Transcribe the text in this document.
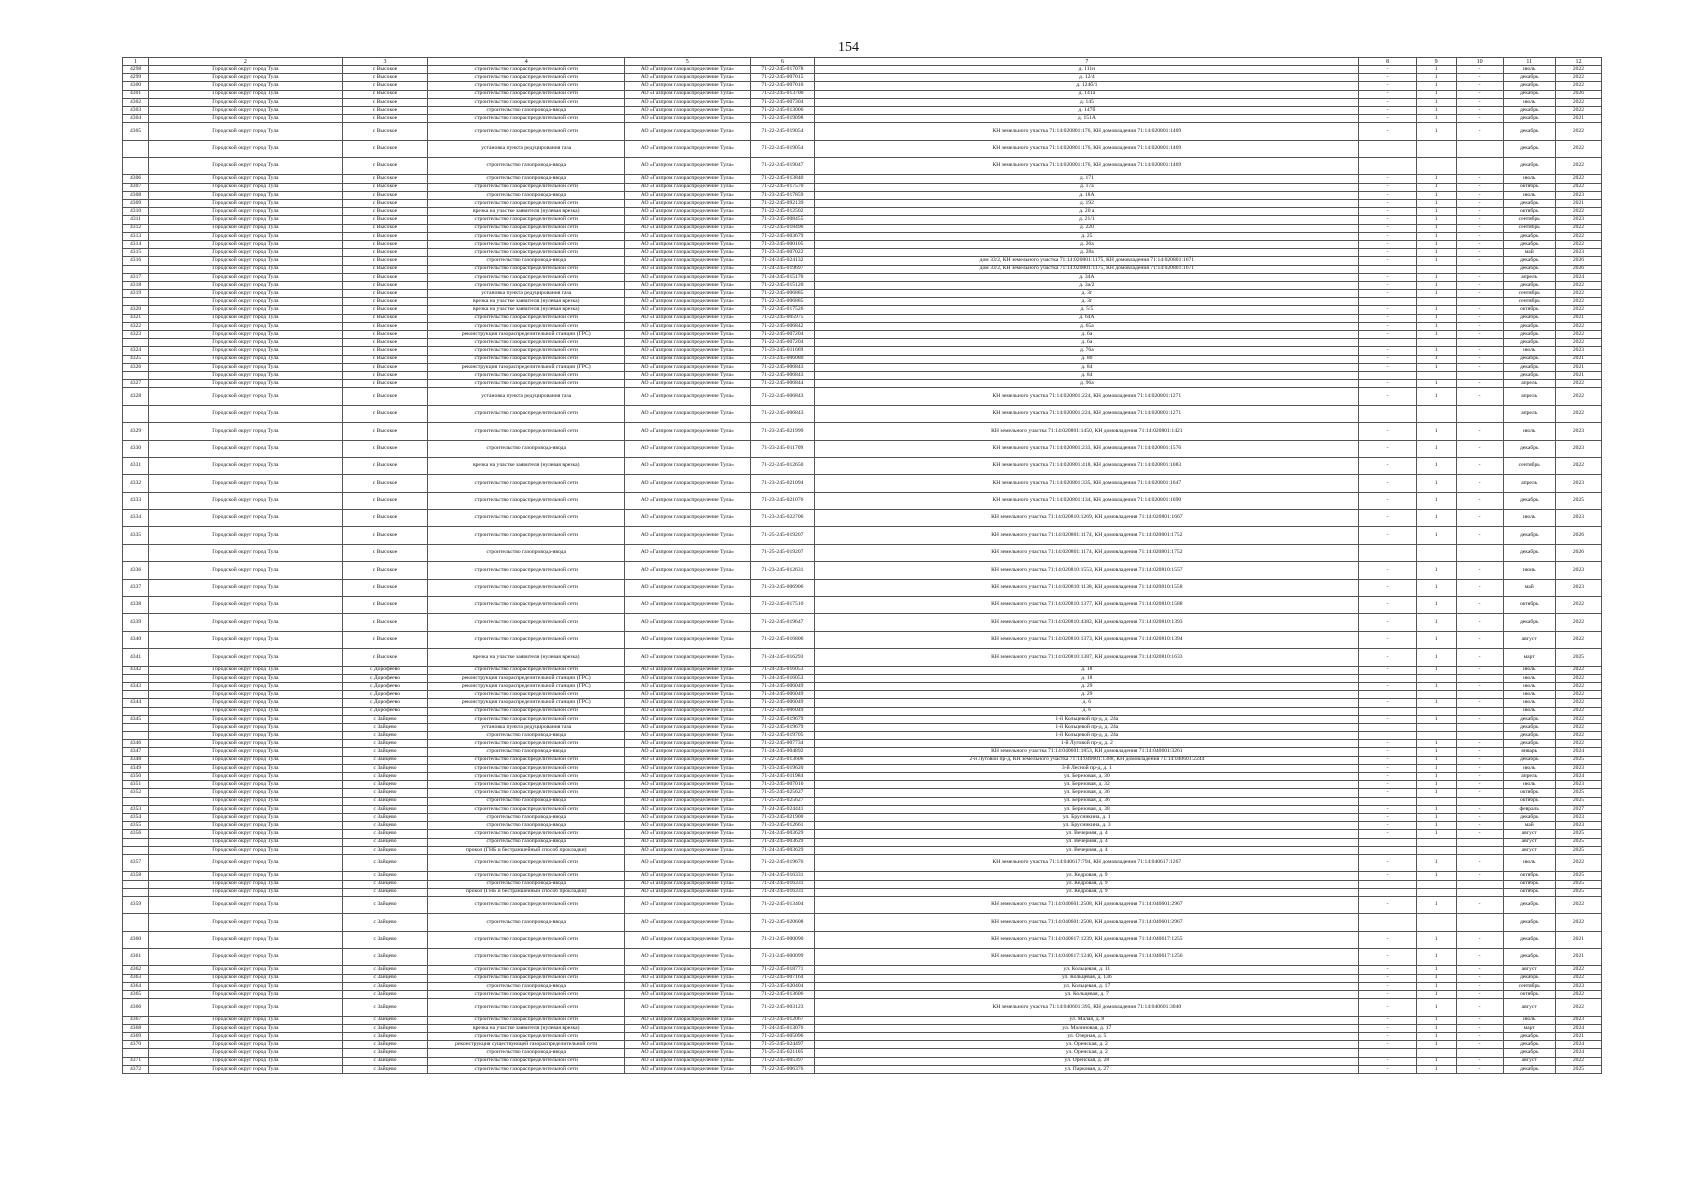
154
1	2	3	4	5	6	7	8	9	10	11	12
4298	Городской округ город Тула	с Высокое	строительство газораспределительной сети	АО «Газпром газораспределение Тула»	71-22-245-017078	д. 111н	-	1	-	июль	2022
4299	Городской округ город Тула	с Высокое	строительство газораспределительной сети	АО «Газпром газораспределение Тула»	71-22-245-007015	д. 12/4	-	1	-	декабрь	2022
4300	Городской округ город Тула	с Высокое	строительство газораспределительной сети	АО «Газпром газораспределение Тула»	71-22-245-007016	д. 124б/1	-	1	-	декабрь	2022
4301	Городской округ город Тула	с Высокое	строительство газораспределительной сети	АО «Газпром газораспределение Тула»	71-23-245-013700	д. 141а	-	1	-	декабрь	2026
4302	Городской округ город Тула	с Высокое	строительство газораспределительной сети	АО «Газпром газораспределение Тула»	71-22-245-007304	д. 145	-	1	-	июль	2022
4303	Городской округ город Тула	с Высокое	строительство газопровода-ввода	АО «Газпром газораспределение Тула»	71-22-245-013006	д. 147б	-	1	-	декабрь	2022
4304	Городской округ город Тула	с Высокое	строительство газораспределительной сети	АО «Газпром газораспределение Тула»	71-22-245-019098	д. 151А	-	1	-	декабрь	2021
4305	Городской округ город Тула	с Высокое	строительство газораспределительной сети	АО «Газпром газораспределение Тула»	71-22-245-019054	КН земельного участка 71:14:020801:176, КН домовладения 71:14:020801:1469	-	1	-	декабрь	2022
	Городской округ город Тула	с Высокое	установка пункта редуцирования газа	АО «Газпром газораспределение Тула»	71-22-245-019054	КН земельного участка 71:14:020801:176, КН домовладения 71:14:020801:1469				декабрь	2022
	Городской округ город Тула	с Высокое	строительство газопровода-ввода	АО «Газпром газораспределение Тула»	71-22-245-019047	КН земельного участка 71:14:020801:176, КН домовладения 71:14:020801:1469				декабрь	2022
4306	Городской округ город Тула	с Высокое	строительство газопровода-ввода	АО «Газпром газораспределение Тула»	71-22-245-013840	д. 171	-	1	-	июль	2022
4307	Городской округ город Тула	с Высокое	строительство газораспределительной сети	АО «Газпром газораспределение Тула»	71-22-245-017570	д. 17а	-	1	-	октябрь	2022
4308	Городской округ город Тула	с Высокое	строительство газопровода-ввода	АО «Газпром газораспределение Тула»	71-23-245-017859	д. 18А	-	1	-	июль	2023
4309	Городской округ город Тула	с Высокое	строительство газораспределительной сети	АО «Газпром газораспределение Тула»	71-22-245-092139	д. 192	-	1	-	декабрь	2021
4310	Городской округ город Тула	с Высокое	врезка на участке заявителя (нулевая врезка)	АО «Газпром газораспределение Тула»	71-22-245-012502	д. 20 а	-	1	-	октябрь	2022
4311	Городской округ город Тула	с Высокое	строительство газораспределительной сети	АО «Газпром газораспределение Тула»	71-23-245-008455	д. 21/1	-	1	-	сентябрь	2023
4312	Городской округ город Тула	с Высокое	строительство газораспределительной сети	АО «Газпром газораспределение Тула»	71-22-245-018490	д. 220	-	1	-	сентябрь	2022
4313	Городской округ город Тула	с Высокое	строительство газораспределительной сети	АО «Газпром газораспределение Тула»	71-22-245-003679	д. 25	-	1	-	декабрь	2022
4314	Городской округ город Тула	с Высокое	строительство газораспределительной сети	АО «Газпром газораспределение Тула»	71-23-245-000105	д. 26а	-	1	-	декабрь	2022
4315	Городской округ город Тула	с Высокое	строительство газораспределительной сети	АО «Газпром газораспределение Тула»	71-23-245-007022	д. 28а	-	1	-	май	2023
4316	Городской округ город Тула	с Высокое	строительство газопровода-ввода	АО «Газпром газораспределение Тула»	71-24-245-024132	дом 33/2, КН земельного участка 71:14:020801:1175, КН домовладения 71:14:020801:1671	-	1	-	декабрь	2026
	Городской округ город Тула	с Высокое	строительство газораспределительной сети	АО «Газпром газораспределение Тула»	71-24-245-019697	дом 33/2, КН земельного участка 71:14:020801:1175, КН домовладения 71:14:020801:1671				декабрь	2026
4317	Городской округ город Тула	с Высокое	строительство газораспределительной сети	АО «Газпром газораспределение Тула»	71-24-245-015170	д. 34А	-	1	-	апрель	2024
4318	Городской округ город Тула	с Высокое	строительство газораспределительной сети	АО «Газпром газораспределение Тула»	71-22-245-015120	д. 3а/2	-	1	-	декабрь	2022
4319	Городской округ город Тула	с Высокое	установка пункта редуцирования газа	АО «Газпром газораспределение Тула»	71-22-245-006885	д. 3г	-	1	-	сентябрь	2022
	Городской округ город Тула	с Высокое	врезка на участке заявителя (нулевая врезка)	АО «Газпром газораспределение Тула»	71-22-245-006885	д. 3г				сентябрь	2022
4320	Городской округ город Тула	с Высокое	врезка на участке заявителя (нулевая врезка)	АО «Газпром газораспределение Тула»	71-22-245-017526	д. 5/5	-	1	-	октябрь	2022
4321	Городской округ город Тула	с Высокое	строительство газораспределительной сети	АО «Газпром газораспределение Тула»	71-22-245-005975	д. 64А	-	1	-	декабрь	2021
4322	Городской округ город Тула	с Высокое	строительство газораспределительной сети	АО «Газпром газораспределение Тула»	71-22-245-006842	д. 65а	-	1	-	декабрь	2022
4323	Городской округ город Тула	с Высокое	реконструкция газораспределительной станции (ГРС)	АО «Газпром газораспределение Тула»	71-22-245-007204	д. 6а	-	1	-	декабрь	2022
	Городской округ город Тула	с Высокое	строительство газораспределительной сети	АО «Газпром газораспределение Тула»	71-22-245-007204	д. 6а				декабрь	2022
4324	Городской округ город Тула	с Высокое	строительство газораспределительной сети	АО «Газпром газораспределение Тула»	71-23-245-011669	д. 76а	-	1	-	июль	2023
4325	Городской округ город Тула	с Высокое	строительство газораспределительной сети	АО «Газпром газораспределение Тула»	71-23-245-006080	д. 80	-	1	-	декабрь	2021
4326	Городской округ город Тула	с Высокое	реконструкция газораспределительной станции (ГРС)	АО «Газпром газораспределение Тула»	71-22-245-006843	д. 84	-	1	-	декабрь	2021
	Городской округ город Тула	с Высокое	строительство газораспределительной сети	АО «Газпром газораспределение Тула»	71-22-245-006843	д. 84				декабрь	2021
4327	Городской округ город Тула	с Высокое	строительство газораспределительной сети	АО «Газпром газораспределение Тула»	71-22-245-006844	д. 96а	-	1	-	апрель	2022
4328	Городской округ город Тула	с Высокое	установка пункта редуцирования газа	АО «Газпром газораспределение Тула»	71-22-245-006843	КН земельного участка 71:14:020801:224, КН домовладения 71:14:020801:1271	-	1	-	апрель	2022
	Городской округ город Тула	с Высокое	строительство газораспределительной сети	АО «Газпром газораспределение Тула»	71-22-245-006843	КН земельного участка 71:14:020801:224, КН домовладения 71:14:020801:1271				апрель	2022
4329	Городской округ город Тула	с Высокое	строительство газораспределительной сети	АО «Газпром газораспределение Тула»	71-23-245-021999	КН земельного участка 71:14:020801:1450, КН домовладения 71:14:020801:1421	-	1	-	июль	2023
4330	Городской округ город Тула	с Высокое	строительство газопровода-ввода	АО «Газпром газораспределение Тула»	71-23-245-011709	КН земельного участка 71:14:020801:233, КН домовладения 71:14:020801:1576	-	1	-	декабрь	2023
4331	Городской округ город Тула	с Высокое	врезка на участке заявителя (нулевая врезка)	АО «Газпром газораспределение Тула»	71-22-245-012650	КН земельного участка 71:14:020801:418, КН домовладения 71:14:020801:1083	-	1	-	сентябрь	2022
4332	Городской округ город Тула	с Высокое	строительство газораспределительной сети	АО «Газпром газораспределение Тула»	71-23-245-021094	КН земельного участка 71:14:020801:335, КН домовладения 71:14:020801:1647	-	1	-	апрель	2023
4333	Городской округ город Тула	с Высокое	строительство газораспределительной сети	АО «Газпром газораспределение Тула»	71-23-245-021076	КН земельного участка 71:14:020801:134, КН домовладения 71:14:020801:1690	-	1	-	декабрь	2025
4334	Городской округ город Тула	с Высокое	строительство газораспределительной сети	АО «Газпром газораспределение Тула»	71-23-245-022706	КН земельного участка 71:14:020810:1269, КН домовладения 71:14:020801:1667	-	1	-	июль	2023
4335	Городской округ город Тула	с Высокое	строительство газораспределительной сети	АО «Газпром газораспределение Тула»	71-25-245-019207	КН земельного участка 71:14:020801:1174, КН домовладения 71:14:020801:1752	-	1	-	декабрь	2026
	Городской округ город Тула	с Высокое	строительство газопровода-ввода	АО «Газпром газораспределение Тула»	71-25-245-019207	КН земельного участка 71:14:020801:1174, КН домовладения 71:14:020801:1752				декабрь	2026
4336	Городской округ город Тула	с Высокое	строительство газораспределительной сети	АО «Газпром газораспределение Тула»	71-23-245-012631	КН земельного участка 71:14:020810:1553, КН домовладения 71:14:020810:1557	-	1	-	июнь	2023
4337	Городской округ город Тула	с Высокое	строительство газораспределительной сети	АО «Газпром газораспределение Тула»	71-23-245-006906	КН земельного участка 71:14:020810:1138, КН домовладения 71:14:020810:1558	-	1	-	май	2023
4338	Городской округ город Тула	с Высокое	строительство газораспределительной сети	АО «Газпром газораспределение Тула»	71-22-245-017510	КН земельного участка 71:14:020810:1377, КН домовладения 71:14:020810:1588	-	1	-	октябрь	2022
4339	Городской округ город Тула	с Высокое	строительство газораспределительной сети	АО «Газпром газораспределение Тула»	71-22-245-019647	КН земельного участка 71:14:020810:4382, КН домовладения 71:14:020810:1393	-	1	-	декабрь	2022
4340	Городской округ город Тула	с Высокое	строительство газораспределительной сети	АО «Газпром газораспределение Тула»	71-22-245-016806	КН земельного участка 71:14:020810:1373, КН домовладения 71:14:020810:1394	-	1	-	август	2022
4341	Городской округ город Тула	с Высокое	врезка на участке заявителя (нулевая врезка)	АО «Газпром газораспределение Тула»	71-24-245-016293	КН земельного участка 71:14:020810:1387, КН домовладения 71:14:020810:1633	-	1	-	март	2025
4342	Городской округ город Тула	с Дорофеево	строительство газораспределительной сети	АО «Газпром газораспределение Тула»	71-24-245-016053	д. 18	-	1	-	июль	2022
	Городской округ город Тула	с Дорофеево	реконструкция газораспределительной станции (ГРС)	АО «Газпром газораспределение Тула»	71-24-245-016053	д. 18				июль	2022
4343	Городской округ город Тула	с Дорофеево	реконструкция газораспределительной станции (ГРС)	АО «Газпром газораспределение Тула»	71-24-245-006049	д. 29	-	1	-	июль	2022
	Городской округ город Тула	с Дорофеево	строительство газораспределительной сети	АО «Газпром газораспределение Тула»	71-24-245-006049	д. 29				июль	2022
4344	Городской округ город Тула	с Дорофеево	реконструкция газораспределительной станции (ГРС)	АО «Газпром газораспределение Тула»	71-22-245-006049	д. 6	-	1	-	июль	2022
	Городской округ город Тула	с Дорофеево	строительство газораспределительной сети	АО «Газпром газораспределение Тула»	71-22-245-006049	д. 6				июль	2022
4345	Городской округ город Тула	с Зайцево	строительство газораспределительной сети	АО «Газпром газораспределение Тула»	71-22-245-019679	1-й Кольцевой пр-д, д. 24а	-	1	-	декабрь	2022
	Городской округ город Тула	с Зайцево	установка пункта редуцирования газа	АО «Газпром газораспределение Тула»	71-22-245-019679	1-й Кольцевой пр-д, д. 24а				декабрь	2022
	Городской округ город Тула	с Зайцево	строительство газопровода-ввода	АО «Газпром газораспределение Тула»	71-22-245-019705	1-й Кольцевой пр-д, д. 24а				декабрь	2022
4346	Городской округ город Тула	с Зайцево	строительство газораспределительной сети	АО «Газпром газораспределение Тула»	71-22-245-007734	1-й Луговой пр-д, д. 2	-	1	-	декабрь	2022
4347	Городской округ город Тула	с Зайцево	строительство газопровода-ввода	АО «Газпром газораспределение Тула»	71-24-245-004892	КН земельного участка 71:14:040601:1853, КН домовладения 71:14:040601:3261	-	1	-	январь	2024
4348	Городской округ город Тула	с Зайцево	строительство газораспределительной сети	АО «Газпром газораспределение Тула»	71-22-245-013606	2-й Луговой пр-д, КН земельного участка 71:14:040601:1388, КН домовладения 71:14:040601:2244	-	1	-	декабрь	2025
4349	Городской округ город Тула	с Зайцево	строительство газораспределительной сети	АО «Газпром газораспределение Тула»	71-23-245-019620	3-й Лесной пр-д, д. 1	-	1	-	июль	2023
4350	Городской округ город Тула	с Зайцево	строительство газораспределительной сети	АО «Газпром газораспределение Тула»	71-24-245-011984	ул. Березовая, д. 30	-	1	-	апрель	2024
4351	Городской округ город Тула	с Зайцево	строительство газораспределительной сети	АО «Газпром газораспределение Тула»	71-23-245-007016	ул. Березовая, д. 32	-	1	-	июль	2023
4352	Городской округ город Тула	с Зайцево	строительство газораспределительной сети	АО «Газпром газораспределение Тула»	71-25-245-025627	ул. Березовая, д. 36	-	1	-	октябрь	2025
	Городской округ город Тула	с Зайцево	строительство газопровода-ввода	АО «Газпром газораспределение Тула»	71-25-245-025627	ул. Березовая, д. 36				октябрь	2025
4353	Городской округ город Тула	с Зайцево	строительство газораспределительной сети	АО «Газпром газораспределение Тула»	71-24-245-024441	ул. Березовая, д. 38	-	1	-	февраль	2027
4354	Городской округ город Тула	с Зайцево	строительство газопровода-ввода	АО «Газпром газораспределение Тула»	71-23-245-021900	ул. Брусникина, д. 1	-	1	-	декабрь	2023
4355	Городской округ город Тула	с Зайцево	строительство газопровода-ввода	АО «Газпром газораспределение Тула»	71-23-245-012661	ул. Брусникина, д. 3	-	1	-	май	2023
4356	Городской округ город Тула	с Зайцево	строительство газораспределительной сети	АО «Газпром газораспределение Тула»	71-24-245-003629	ул. Вечерняя, д. 4	-	1	-	август	2025
	Городской округ город Тула	с Зайцево	строительство газопровода-ввода	АО «Газпром газораспределение Тула»	71-24-245-003629	ул. Вечерняя, д. 4				август	2025
	Городской округ город Тула	с Зайцево	прокол (ГНБ и бестраншейный способ прокладки)	АО «Газпром газораспределение Тула»	71-24-245-003629	ул. Вечерняя, д. 4				август	2025
4357	Городской округ город Тула	с Зайцево	строительство газораспределительной сети	АО «Газпром газораспределение Тула»	71-22-245-019676	КН земельного участка 71:14:040617:794, КН домовладения 71:14:040617:1267	-	1	-	июль	2022
4358	Городской округ город Тула	с Зайцево	строительство газораспределительной сети	АО «Газпром газораспределение Тула»	71-24-245-016331	ул. Кедровая, д. 9	-	1	-	октябрь	2025
	Городской округ город Тула	с Зайцево	строительство газопровода-ввода	АО «Газпром газораспределение Тула»	71-24-245-016331	ул. Кедровая, д. 9				октябрь	2025
	Городской округ город Тула	с Зайцево	прокол (ГНБ и бестраншейный способ прокладки)	АО «Газпром газораспределение Тула»	71-24-245-016331	ул. Кедровая, д. 9				октябрь	2025
4359	Городской округ город Тула	с Зайцево	строительство газораспределительной сети	АО «Газпром газораспределение Тула»	71-22-245-013404	КН земельного участка 71:14:040601:2508, КН домовладения 71:14:040601:2967	-	1	-	декабрь	2022
	Городской округ город Тула	с Зайцево	строительство газопровода-ввода	АО «Газпром газораспределение Тула»	71-22-245-020608	КН земельного участка 71:14:040601:2508, КН домовладения 71:14:040601:2967				декабрь	2022
4360	Городской округ город Тула	с Зайцево	строительство газораспределительной сети	АО «Газпром газораспределение Тула»	71-21-245-000090	КН земельного участка 71:14:040617:1239, КН домовладения 71:14:040617:1255	-	1	-	декабрь	2021
4361	Городской округ город Тула	с Зайцево	строительство газораспределительной сети	АО «Газпром газораспределение Тула»	71-21-245-000099	КН земельного участка 71:14:040617:1240, КН домовладения 71:14:040617:1256	-	1	-	декабрь	2021
4362	Городской округ город Тула	с Зайцево	строительство газораспределительной сети	АО «Газпром газораспределение Тула»	71-22-245-018771	ул. Кольцевая, д. 11	-	1	-	август	2022
4363	Городской округ город Тула	с Зайцево	строительство газораспределительной сети	АО «Газпром газораспределение Тула»	71-22-245-007164	ул. Кольцевая, д. 13б	-	1	-	декабрь	2022
4364	Городской округ город Тула	с Зайцево	строительство газопровода-ввода	АО «Газпром газораспределение Тула»	71-23-245-020404	ул. Кольцевая, д. 17	-	1	-	сентябрь	2023
4365	Городской округ город Тула	с Зайцево	строительство газораспределительной сети	АО «Газпром газораспределение Тула»	71-22-245-013606	ул. Кольцевая, д. 7	-	1	-	октябрь	2022
4366	Городской округ город Тула	с Зайцево	строительство газораспределительной сети	АО «Газпром газораспределение Тула»	71-22-245-003123	КН земельного участка 71:14:040601:395, КН домовладения 71:14:040601:3040	-	1	-	август	2022
4367	Городской округ город Тула	с Зайцево	строительство газораспределительной сети	АО «Газпром газораспределение Тула»	71-23-245-012067	ул. Малая, д. 8	-	1	-	июль	2023
4368	Городской округ город Тула	с Зайцево	врезка на участке заявителя (нулевая врезка)	АО «Газпром газораспределение Тула»	71-24-245-013076	ул. Малиновая, д. 17	-	1	-	март	2024
4369	Городской округ город Тула	с Зайцево	строительство газораспределительной сети	АО «Газпром газораспределение Тула»	71-22-245-005096	ул. Озерная, д. 5	-	1	-	декабрь	2021
4370	Городской округ город Тула	с Зайцево	реконструкция существующей газораспределительной сети	АО «Газпром газораспределение Тула»	71-25-245-024497	ул. Оренская, д. 2	-	1	-	декабрь	2024
	Городской округ город Тула	с Зайцево	строительство газопровода-ввода	АО «Газпром газораспределение Тула»	71-25-245-021105	ул. Оренская, д. 2				декабрь	2024
4371	Городской округ город Тула	с Зайцево	строительство газораспределительной сети	АО «Газпром газораспределение Тула»	71-22-245-005397	ул. Оренская, д. 28	-	1	-	август	2022
4372	Городской округ город Тула	с Зайцево	строительство газораспределительной сети	АО «Газпром газораспределение Тула»	71-22-245-006376	ул. Парковая, д. 27	-	1	-	декабрь	2025
